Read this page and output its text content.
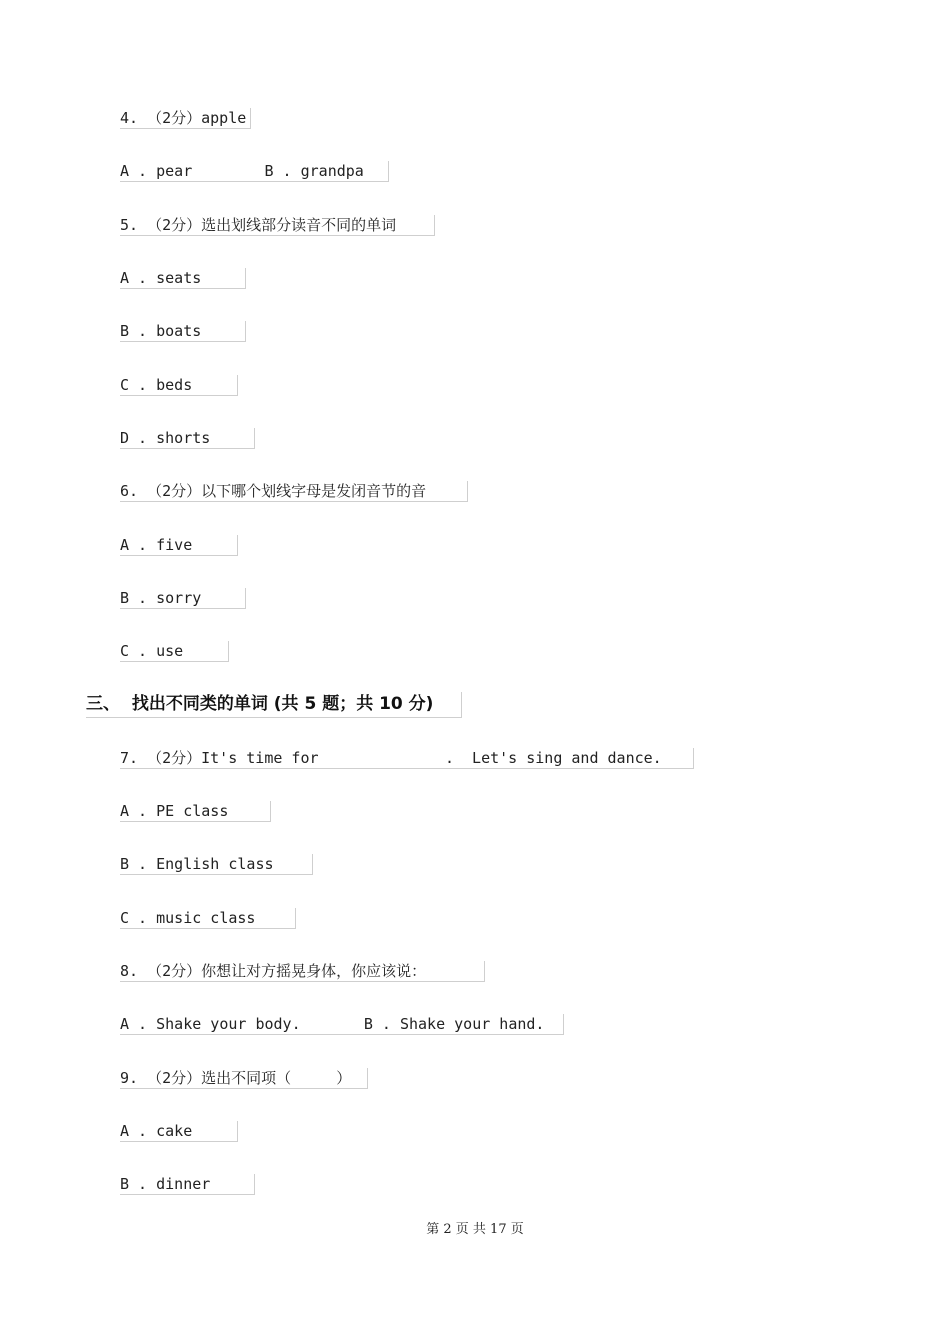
4. （2分）apple
A . pear        B . grandpa
5. （2分）选出划线部分读音不同的单词
A . seats
B . boats
C . beds
D . shorts
6. （2分）以下哪个划线字母是发闭音节的音
A . five
B . sorry
C . use
三、  找出不同类的单词 (共 5 题；共 10 分)
7. （2分）It's time for              .  Let's sing and dance.
A . PE class
B . English class
C . music class
8. （2分）你想让对方摇晃身体，你应该说：
A . Shake your body.       B . Shake your hand.
9. （2分）选出不同项（     ）
A . cake
B . dinner
第 2 页 共 17 页
